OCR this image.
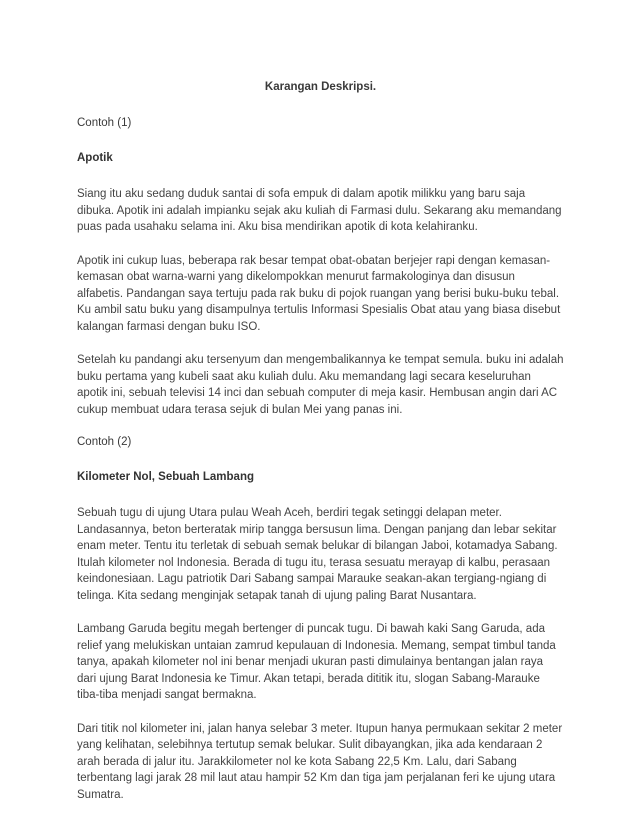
Karangan Deskripsi.
Contoh (1)
Apotik

Siang itu aku sedang duduk santai di sofa empuk di dalam apotik milikku yang baru saja dibuka. Apotik ini adalah impianku sejak aku kuliah di Farmasi dulu. Sekarang aku memandang puas pada usahaku selama ini. Aku bisa mendirikan apotik di kota kelahiranku.

Apotik ini cukup luas, beberapa rak besar tempat obat-obatan berjejer rapi dengan kemasan-kemasan obat warna-warni yang dikelompokkan menurut farmakologinya dan disusun alfabetis. Pandangan saya tertuju pada rak buku di pojok ruangan yang berisi buku-buku tebal. Ku ambil satu buku yang disampulnya tertulis Informasi Spesialis Obat atau yang biasa disebut kalangan farmasi dengan buku ISO.

Setelah ku pandangi aku tersenyum dan mengembalikannya ke tempat semula. buku ini adalah buku pertama yang kubeli saat aku kuliah dulu. Aku memandang lagi secara keseluruhan apotik ini, sebuah televisi 14 inci dan sebuah computer di meja kasir. Hembusan angin dari AC cukup membuat udara terasa sejuk di bulan Mei yang panas ini.

Contoh (2)
Kilometer Nol, Sebuah Lambang

Sebuah tugu di ujung Utara pulau Weah Aceh, berdiri tegak setinggi delapan meter. Landasannya, beton berteratak mirip tangga bersusun lima. Dengan panjang dan lebar sekitar enam meter. Tentu itu terletak di sebuah semak belukar di bilangan Jaboi, kotamadya Sabang. Itulah kilometer nol Indonesia. Berada di tugu itu, terasa sesuatu merayap di kalbu, perasaan keindonesiaan. Lagu patriotik Dari Sabang sampai Marauke seakan-akan tergiang-ngiang di telinga. Kita sedang menginjak setapak tanah di ujung paling Barat Nusantara.

Lambang Garuda begitu megah bertenger di puncak tugu. Di bawah kaki Sang Garuda, ada relief yang melukiskan untaian zamrud kepulauan di Indonesia. Memang, sempat timbul tanda tanya, apakah kilometer nol ini benar menjadi ukuran pasti dimulainya bentangan jalan raya dari ujung Barat Indonesia ke Timur. Akan tetapi, berada dititik itu, slogan Sabang-Marauke tiba-tiba menjadi sangat bermakna.

Dari titik nol kilometer ini, jalan hanya selebar 3 meter. Itupun hanya permukaan sekitar 2 meter yang kelihatan, selebihnya tertutup semak belukar. Sulit dibayangkan, jika ada kendaraan 2 arah berada di jalur itu. Jarakkilometer nol ke kota Sabang 22,5 Km. Lalu, dari Sabang terbentang lagi jarak 28 mil laut atau hampir 52 Km dan tiga jam perjalanan feri ke ujung utara Sumatra.
